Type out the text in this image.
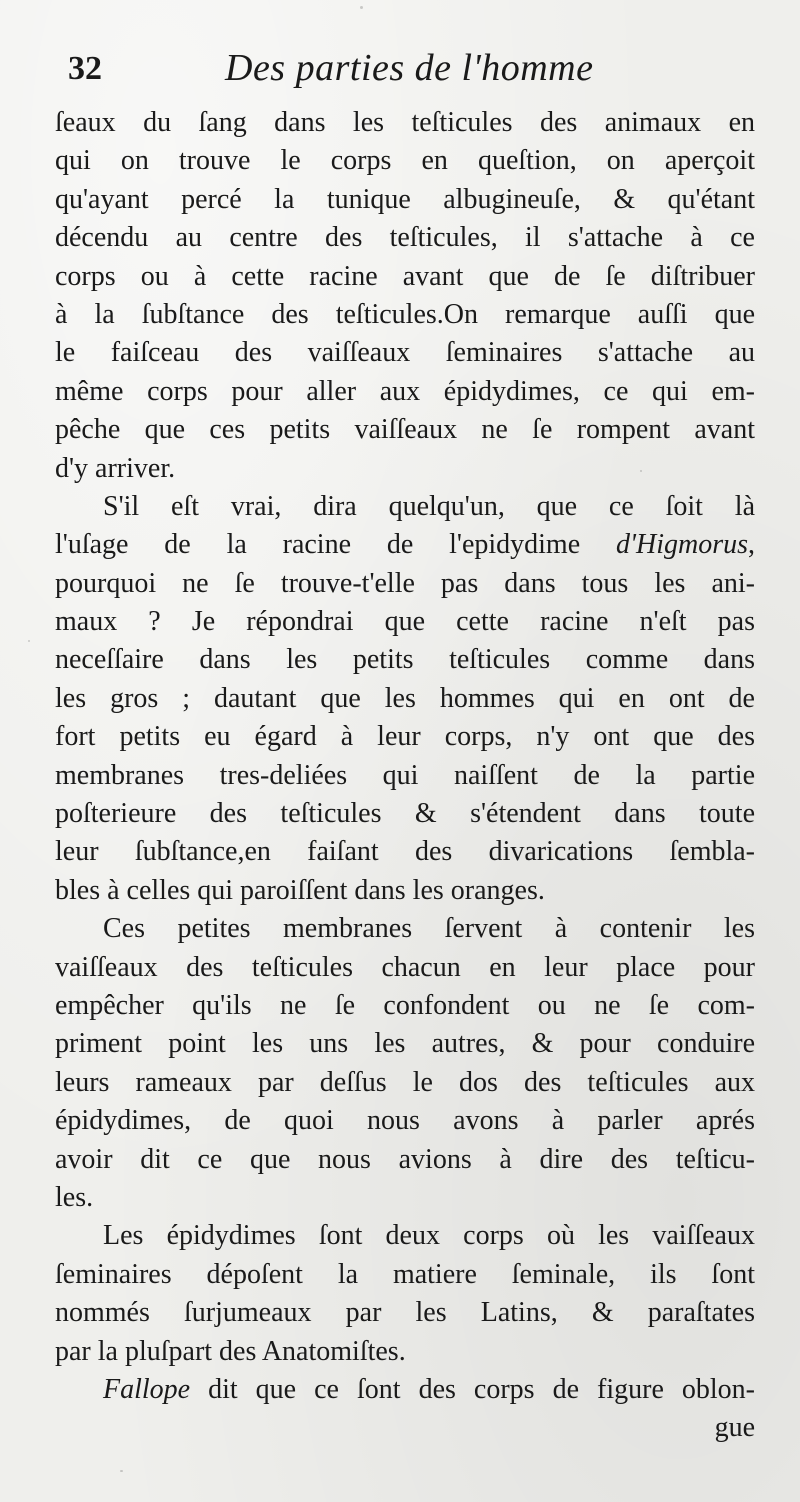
32	Des parties de l'homme
ſeaux du ſang dans les teſticules des animaux en
qui on trouve le corps en queſtion, on aperçoit
qu'ayant percé la tunique albugineuſe, & qu'étant
décendu au centre des teſticules, il s'attache à ce
corps ou à cette racine avant que de ſe diſtribuer
à la ſubſtance des teſticules.On remarque auſſi que
le faiſceau des vaiſſeaux ſeminaires s'attache au
même corps pour aller aux épidydimes, ce qui em-
pêche que ces petits vaiſſeaux ne ſe rompent avant
d'y arriver.
S'il eſt vrai, dira quelqu'un, que ce ſoit là
l'uſage de la racine de l'epidydime d'Higmorus,
pourquoi ne ſe trouve-t'elle pas dans tous les ani-
maux ? Je répondrai que cette racine n'eſt pas
neceſſaire dans les petits teſticules comme dans
les gros ; dautant que les hommes qui en ont de
fort petits eu égard à leur corps, n'y ont que des
membranes tres-deliées qui naiſſent de la partie
poſterieure des teſticules & s'étendent dans toute
leur ſubſtance,en faiſant des divarications ſembla-
bles à celles qui paroiſſent dans les oranges.
Ces petites membranes ſervent à contenir les
vaiſſeaux des teſticules chacun en leur place pour
empêcher qu'ils ne ſe confondent ou ne ſe com-
priment point les uns les autres, & pour conduire
leurs rameaux par deſſus le dos des teſticules aux
épidydimes, de quoi nous avons à parler aprés
avoir dit ce que nous avions à dire des teſticu-
les.
Les épidydimes ſont deux corps où les vaiſſeaux
ſeminaires dépoſent la matiere ſeminale, ils ſont
nommés ſurjumeaux par les Latins, & paraſtates
par la pluſpart des Anatomiſtes.
Fallope dit que ce ſont des corps de figure oblon-
gue
